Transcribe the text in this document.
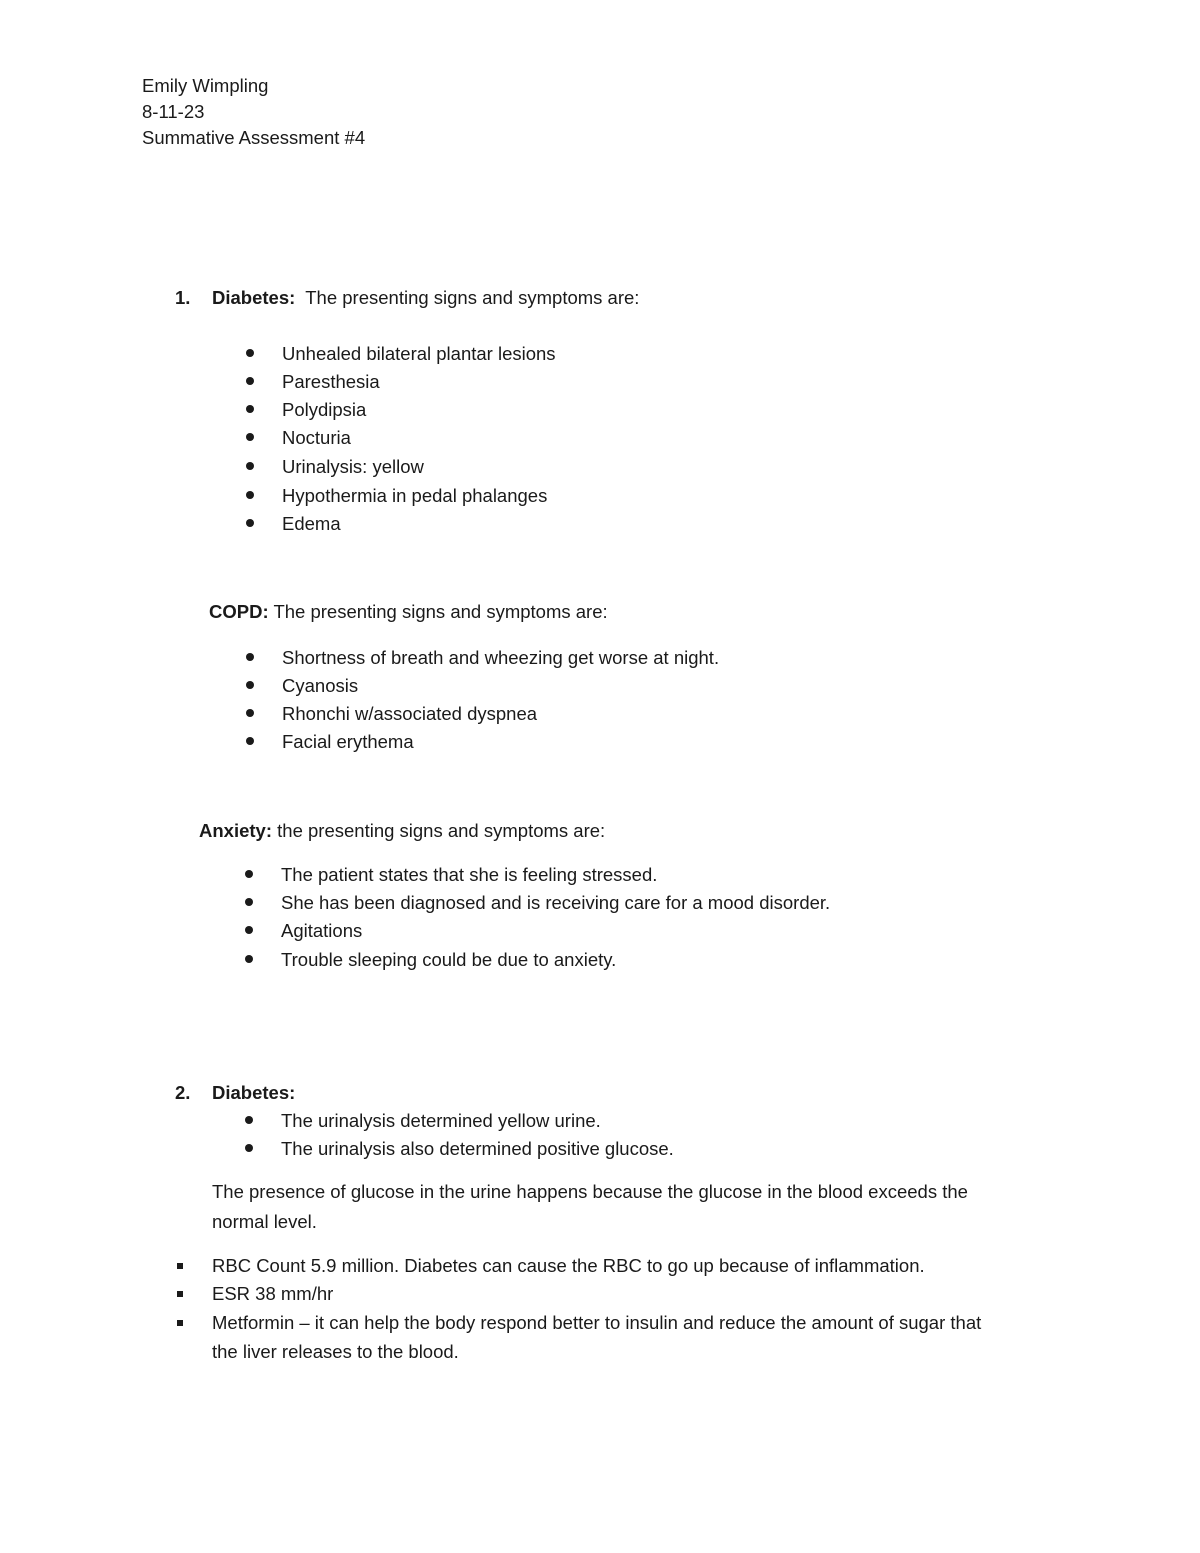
Emily Wimpling
8-11-23
Summative Assessment #4
1. Diabetes: The presenting signs and symptoms are:
Unhealed bilateral plantar lesions
Paresthesia
Polydipsia
Nocturia
Urinalysis: yellow
Hypothermia in pedal phalanges
Edema
COPD: The presenting signs and symptoms are:
Shortness of breath and wheezing get worse at night.
Cyanosis
Rhonchi w/associated dyspnea
Facial erythema
Anxiety: the presenting signs and symptoms are:
The patient states that she is feeling stressed.
She has been diagnosed and is receiving care for a mood disorder.
Agitations
Trouble sleeping could be due to anxiety.
2. Diabetes:
The urinalysis determined yellow urine.
The urinalysis also determined positive glucose.
The presence of glucose in the urine happens because the glucose in the blood exceeds the
normal level.
RBC Count 5.9 million. Diabetes can cause the RBC to go up because of inflammation.
ESR 38 mm/hr
Metformin – it can help the body respond better to insulin and reduce the amount of sugar that
the liver releases to the blood.
